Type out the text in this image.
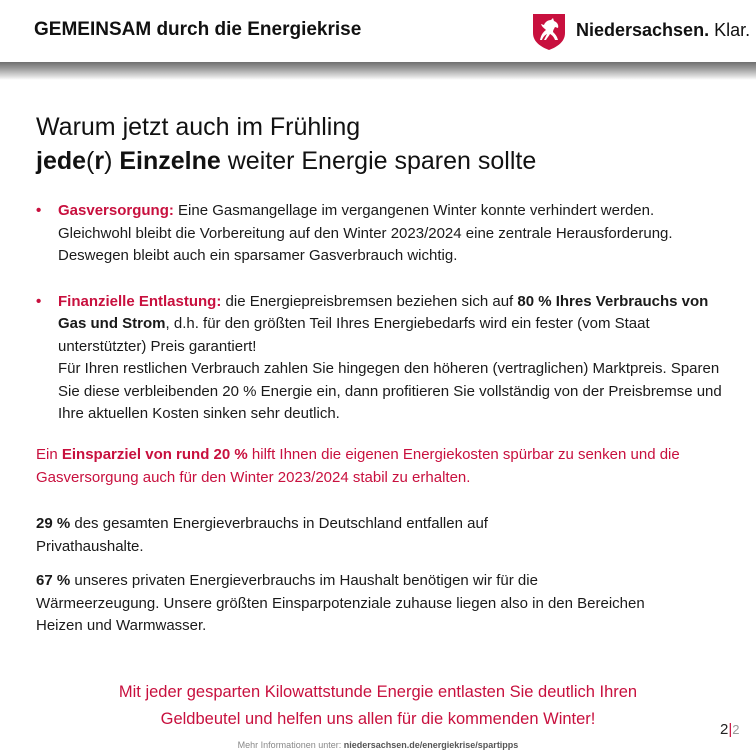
GEMEINSAM durch die Energiekrise	Niedersachsen. Klar.
Warum jetzt auch im Frühling
jede(r) Einzelne weiter Energie sparen sollte
• Gasversorgung: Eine Gasmangellage im vergangenen Winter konnte verhindert werden. Gleichwohl bleibt die Vorbereitung auf den Winter 2023/2024 eine zentrale Herausforderung. Deswegen bleibt auch ein sparsamer Gasverbrauch wichtig.
• Finanzielle Entlastung: die Energiepreisbremsen beziehen sich auf 80 % Ihres Verbrauchs von Gas und Strom, d.h. für den größten Teil Ihres Energiebedarfs wird ein fester (vom Staat unterstützter) Preis garantiert!
Für Ihren restlichen Verbrauch zahlen Sie hingegen den höheren (vertraglichen) Marktpreis. Sparen Sie diese verbleibenden 20 % Energie ein, dann profitieren Sie vollständig von der Preisbremse und Ihre aktuellen Kosten sinken sehr deutlich.
Ein Einsparziel von rund 20 % hilft Ihnen die eigenen Energiekosten spürbar zu senken und die Gasversorgung auch für den Winter 2023/2024 stabil zu erhalten.
29 % des gesamten Energieverbrauchs in Deutschland entfallen auf Privathaushalte.
67 % unseres privaten Energieverbrauchs im Haushalt benötigen wir für die Wärmeerzeugung. Unsere größten Einsparpotenziale zuhause liegen also in den Bereichen Heizen und Warmwasser.
Mit jeder gesparten Kilowattstunde Energie entlasten Sie deutlich Ihren
Geldbeutel und helfen uns allen für die kommenden Winter!
2|2
Mehr Informationen unter: niedersachsen.de/energiekrise/spartipps
